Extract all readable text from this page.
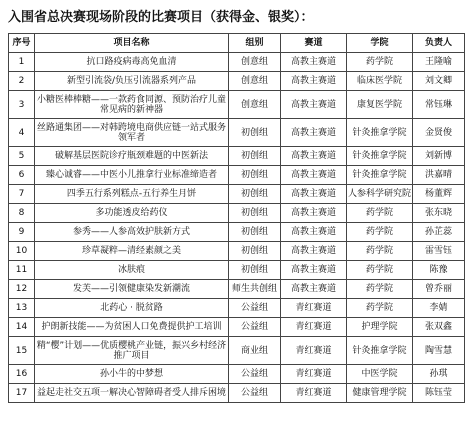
入围省总决赛现场阶段的比赛项目（获得金、银奖）：
序号	项目名称	组别	赛道	学院	负责人
1	抗口路疫病毒高免血清	创意组	高教主赛道	药学院	王隆喻
2	新型引流袋/负压引流器系列产品	创意组	高教主赛道	临床医学院	刘文卿
3	小糖医棒棒糖——一款药食同源、预防治疗儿童常见病的新神器	创意组	高教主赛道	康复医学院	常钰琳
4	丝路通集团——对韩跨境电商供应链一站式服务领军者	初创组	高教主赛道	针灸推拿学院	金贤俊
5	破解基层医院诊疗瓶颈难题的中医新法	初创组	高教主赛道	针灸推拿学院	刘新博
6	臻心诚睿——中医小儿推拿行业标准缔造者	初创组	高教主赛道	针灸推拿学院	洪嘉晴
7	四季五行系列糕点-五行养生月饼	初创组	高教主赛道	人参科学研究院	杨董辉
8	多功能透皮给药仪	初创组	高教主赛道	药学院	张东晓
9	参秀——人参高效护肤新方式	初创组	高教主赛道	药学院	孙芷蕊
10	珍草凝粹—清经素颜之美	初创组	高教主赛道	药学院	雷雪钰
11	冰肤痕	初创组	高教主赛道	药学院	陈豫
12	发芙——引领健康染发新潮流	师生共创组	高教主赛道	药学院	曾乔丽
13	北药心 · 脱贫路	公益组	青红赛道	药学院	李婧
14	护朗新技能——为贫困人口免费提供护工培训	公益组	青红赛道	护理学院	张双鑫
15	精“樱”计划——优质樱桃产业链，振兴乡村经济推广项目	商业组	青红赛道	针灸推拿学院	陶雪慧
16	孙小牛的中梦想	公益组	青红赛道	中医学院	孙琪
17	益起走社交五项一解决心智障碍者受人排斥困境	公益组	青红赛道	健康管理学院	陈钰莹
